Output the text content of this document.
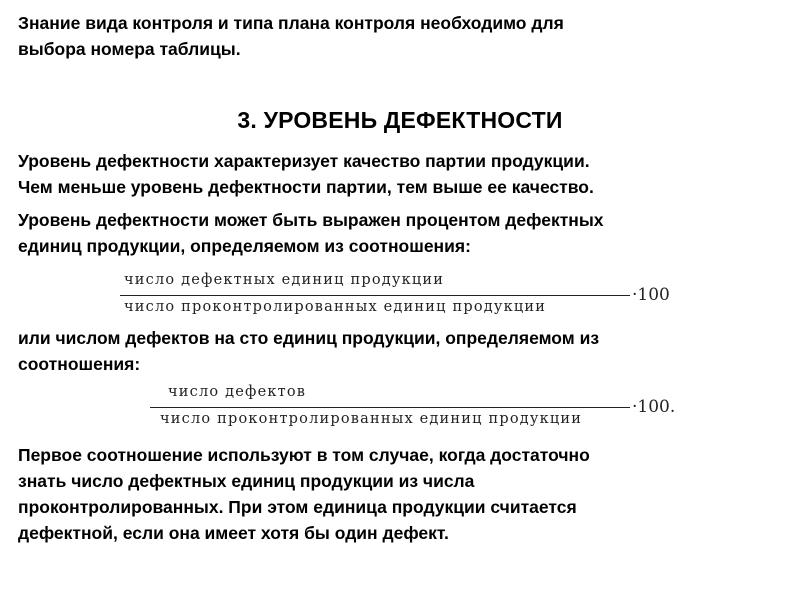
Знание вида контроля и типа плана контроля необходимо для
выбора номера таблицы.

3. УРОВЕНЬ ДЕФЕКТНОСТИ

Уровень дефектности характеризует качество партии продукции.
Чем меньше уровень дефектности партии, тем выше ее качество.

Уровень дефектности может быть выражен процентом дефектных
единиц продукции, определяемом из соотношения:

число дефектных единиц продукции
число проконтролированных единиц продукции
·100

или числом дефектов на сто единиц продукции, определяемом из
соотношения:

число дефектов
число проконтролированных единиц продукции
·100.

Первое соотношение используют в том случае, когда достаточно
знать число дефектных единиц продукции из числа
проконтролированных. При этом единица продукции считается
дефектной, если она имеет хотя бы один дефект.
